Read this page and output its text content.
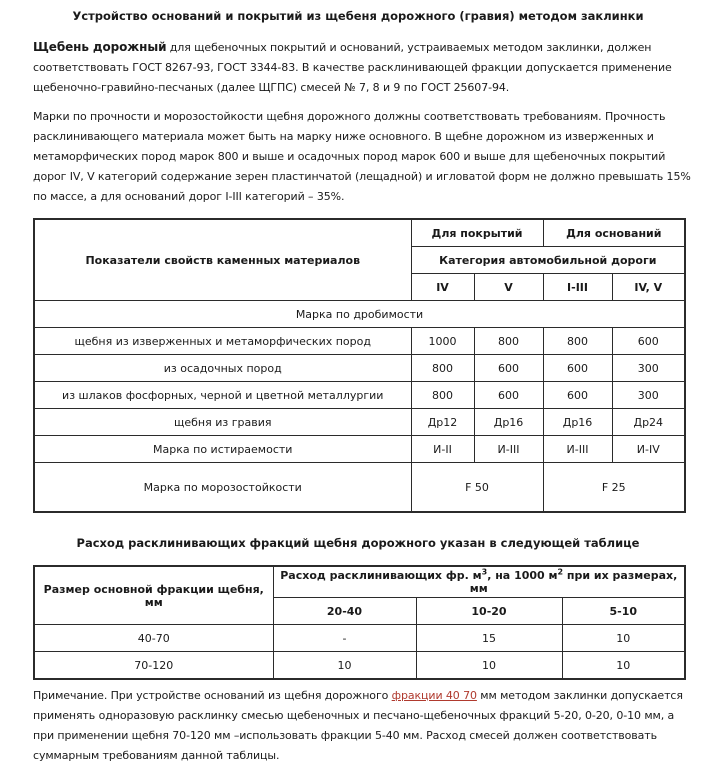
Устройство оснований и покрытий из щебеня дорожного (гравия) методом заклинки
Щебень дорожный для щебеночных покрытий и оснований, устраиваемых методом заклинки, должен соответствовать ГОСТ 8267-93, ГОСТ 3344-83. В качестве расклинивающей фракции допускается применение щебеночно-гравийно-песчаных (далее ЩГПС) смесей № 7, 8 и 9 по ГОСТ 25607-94.
Марки по прочности и морозостойкости щебня дорожного должны соответствовать требованиям. Прочность расклинивающего материала может быть на марку ниже основного. В щебне дорожном из изверженных и метаморфических пород марок 800 и выше и осадочных пород марок 600 и выше для щебеночных покрытий дорог IV, V категорий содержание зерен пластинчатой (лещадной) и игловатой форм не должно превышать 15% по массе, а для оснований дорог I-III категорий – 35%.
Показатели свойств каменных материалов	Для покрытий		Для оснований	
	Категория автомобильной дороги			
	IV	V	I-III	IV, V
Марка по дробимости				
щебня из изверженных и метаморфических пород	1000	800	800	600
из осадочных пород	800	600	600	300
из шлаков фосфорных, черной и цветной металлургии	800	600	600	300
щебня из гравия	Др12	Др16	Др16	Др24
Марка по истираемости	И-II	И-III	И-III	И-IV
Марка по морозостойкости	F 50		F 25	
Расход расклинивающих фракций щебня дорожного указан в следующей таблице
Размер основной фракции щебня, мм	Расход расклинивающих фр. $м^3$, на 1000 $м^2$ при их размерах, мм		
	20-40	10-20	5-10
40-70	-	15	10
70-120	10	10	10
Примечание. При устройстве оснований из щебня дорожного фракции 40 70 мм методом заклинки допускается применять одноразовую расклинку смесью щебеночных и песчано-щебеночных фракций 5-20, 0-20, 0-10 мм, а при применении щебня 70-120 мм –использовать фракции 5-40 мм. Расход смесей должен соответствовать суммарным требованиям данной таблицы.
